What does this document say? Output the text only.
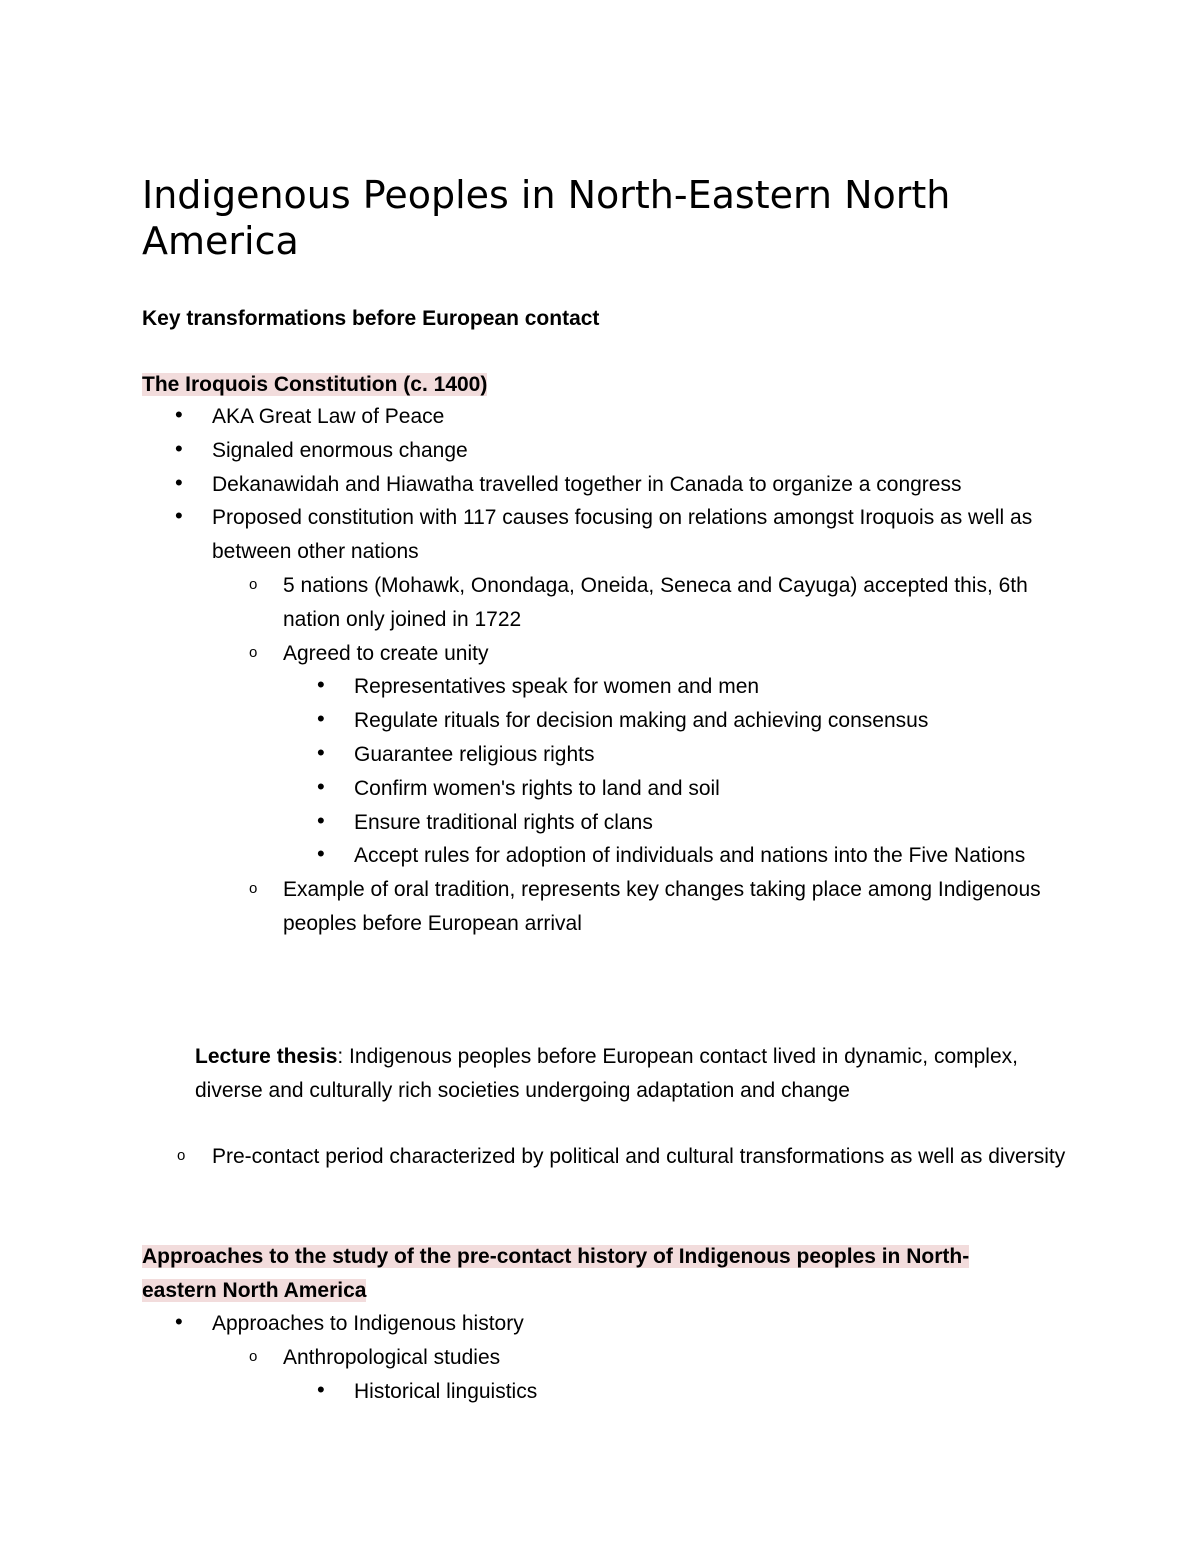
Indigenous Peoples in North-Eastern North America
Key transformations before European contact
The Iroquois Constitution (c. 1400)
• AKA Great Law of Peace
• Signaled enormous change
• Dekanawidah and Hiawatha travelled together in Canada to organize a congress
• Proposed constitution with 117 causes focusing on relations amongst Iroquois as well as between other nations
o 5 nations (Mohawk, Onondaga, Oneida, Seneca and Cayuga) accepted this, 6th nation only joined in 1722
o Agreed to create unity
• Representatives speak for women and men
• Regulate rituals for decision making and achieving consensus
• Guarantee religious rights
• Confirm women's rights to land and soil
• Ensure traditional rights of clans
• Accept rules for adoption of individuals and nations into the Five Nations
o Example of oral tradition, represents key changes taking place among Indigenous peoples before European arrival

Lecture thesis: Indigenous peoples before European contact lived in dynamic, complex, diverse and culturally rich societies undergoing adaptation and change

o Pre-contact period characterized by political and cultural transformations as well as diversity
Approaches to the study of the pre-contact history of Indigenous peoples in North-eastern North America
• Approaches to Indigenous history
o Anthropological studies
• Historical linguistics
